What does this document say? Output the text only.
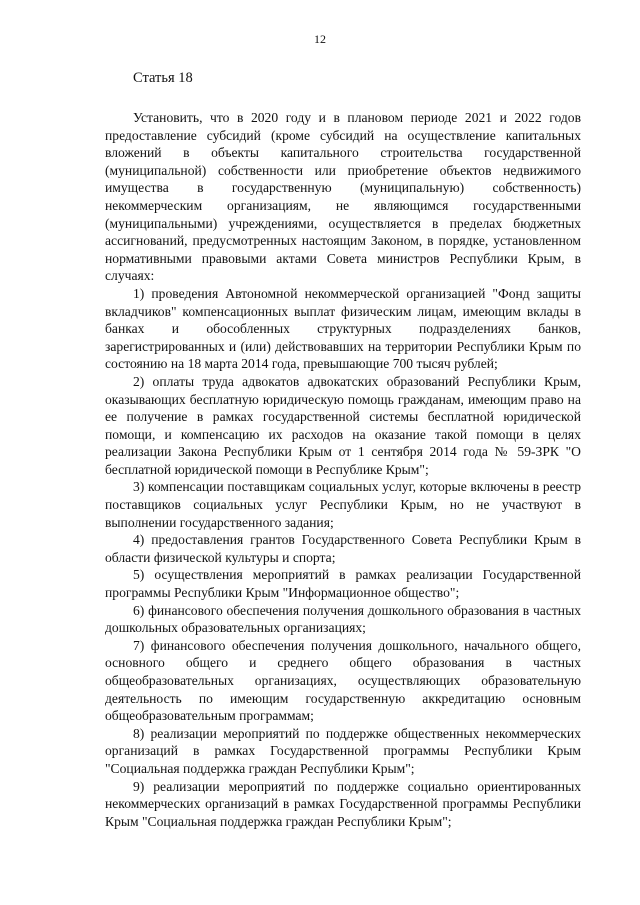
12
Статья 18

Установить, что в 2020 году и в плановом периоде 2021 и 2022 годов предоставление субсидий (кроме субсидий на осуществление капитальных вложений в объекты капитального строительства государственной (муниципальной) собственности или приобретение объектов недвижимого имущества в государственную (муниципальную) собственность) некоммерческим организациям, не являющимся государственными (муниципальными) учреждениями, осуществляется в пределах бюджетных ассигнований, предусмотренных настоящим Законом, в порядке, установленном нормативными правовыми актами Совета министров Республики Крым, в случаях:

1) проведения Автономной некоммерческой организацией "Фонд защиты вкладчиков" компенсационных выплат физическим лицам, имеющим вклады в банках и обособленных структурных подразделениях банков, зарегистрированных и (или) действовавших на территории Республики Крым по состоянию на 18 марта 2014 года, превышающие 700 тысяч рублей;

2) оплаты труда адвокатов адвокатских образований Республики Крым, оказывающих бесплатную юридическую помощь гражданам, имеющим право на ее получение в рамках государственной системы бесплатной юридической помощи, и компенсацию их расходов на оказание такой помощи в целях реализации Закона Республики Крым от 1 сентября 2014 года № 59-ЗРК "О бесплатной юридической помощи в Республике Крым";

3) компенсации поставщикам социальных услуг, которые включены в реестр поставщиков социальных услуг Республики Крым, но не участвуют в выполнении государственного задания;

4) предоставления грантов Государственного Совета Республики Крым в области физической культуры и спорта;

5) осуществления мероприятий в рамках реализации Государственной программы Республики Крым "Информационное общество";

6) финансового обеспечения получения дошкольного образования в частных дошкольных образовательных организациях;

7) финансового обеспечения получения дошкольного, начального общего, основного общего и среднего общего образования в частных общеобразовательных организациях, осуществляющих образовательную деятельность по имеющим государственную аккредитацию основным общеобразовательным программам;

8) реализации мероприятий по поддержке общественных некоммерческих организаций в рамках Государственной программы Республики Крым "Социальная поддержка граждан Республики Крым";

9) реализации мероприятий по поддержке социально ориентированных некоммерческих организаций в рамках Государственной программы Республики Крым "Социальная поддержка граждан Республики Крым";
